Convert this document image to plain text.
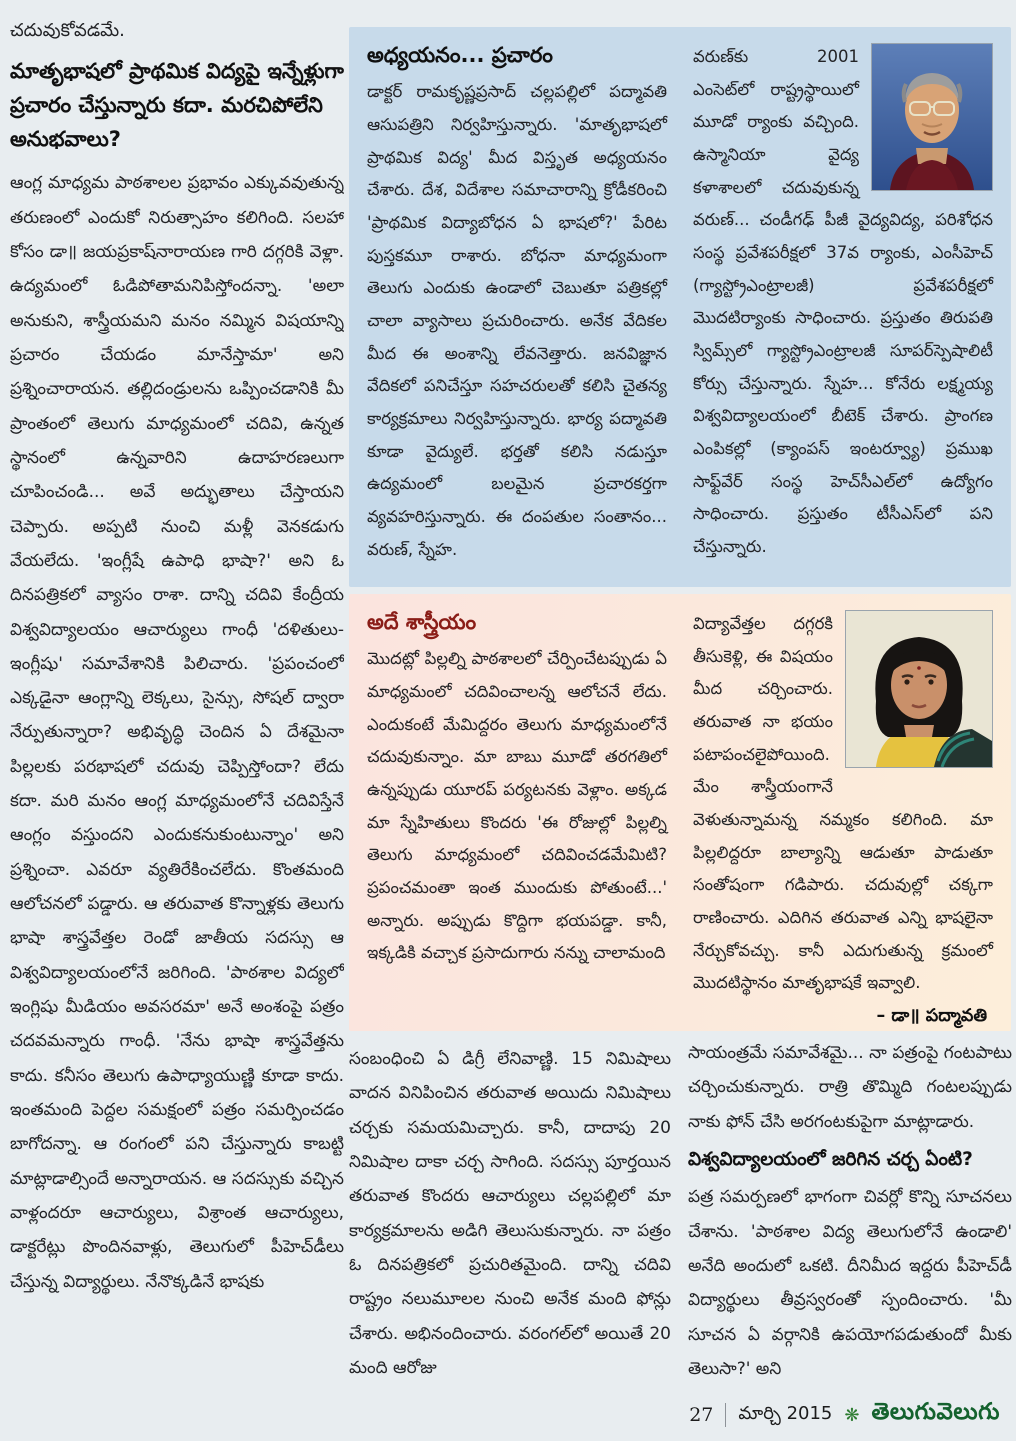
చదువుకోవడమే.

మాతృభాషలో ప్రాథమిక విద్యపై ఇన్నేళ్లుగా ప్రచారం చేస్తున్నారు కదా. మరచిపోలేని అనుభవాలు?

ఆంగ్ల మాధ్యమ పాఠశాలల ప్రభావం ఎక్కువవుతున్న తరుణంలో ఎందుకో నిరుత్సాహం కలిగింది. సలహా కోసం డా॥ జయప్రకాష్‌నారాయణ గారి దగ్గరికి వెళ్లా. ఉద్యమంలో ఓడిపోతామనిపిస్తోందన్నా. 'అలా అనుకుని, శాస్త్రీయమని మనం నమ్మిన విషయాన్ని ప్రచారం చేయడం మానేస్తామా' అని ప్రశ్నించారాయన. తల్లిదండ్రులను ఒప్పించడానికి మీ ప్రాంతంలో తెలుగు మాధ్యమంలో చదివి, ఉన్నత స్థానంలో ఉన్నవారిని ఉదాహరణలుగా చూపించండి... అవే అద్భుతాలు చేస్తాయని చెప్పారు. అప్పటి నుంచి మళ్లీ వెనకడుగు వేయలేదు. 'ఇంగ్లీషే ఉపాధి భాషా?' అని ఓ దినపత్రికలో వ్యాసం రాశా. దాన్ని చదివి కేంద్రీయ విశ్వవిద్యాలయం ఆచార్యులు గాంధీ 'దళితులు-ఇంగ్లీషు' సమావేశానికి పిలిచారు. 'ప్రపంచంలో ఎక్కడైనా ఆంగ్లాన్ని లెక్కలు, సైన్సు, సోషల్ ద్వారా నేర్పుతున్నారా? అభివృద్ధి చెందిన ఏ దేశమైనా పిల్లలకు పరభాషలో చదువు చెప్పిస్తోందా? లేదు కదా. మరి మనం ఆంగ్ల మాధ్యమంలోనే చదివిస్తేనే ఆంగ్లం వస్తుందని ఎందుకనుకుంటున్నాం' అని ప్రశ్నించా. ఎవరూ వ్యతిరేకించలేదు. కొంతమంది ఆలోచనలో పడ్డారు. ఆ తరువాత కొన్నాళ్లకు తెలుగు భాషా శాస్త్రవేత్తల రెండో జాతీయ సదస్సు ఆ విశ్వవిద్యాలయంలోనే జరిగింది. 'పాఠశాల విద్యలో ఇంగ్లిషు మీడియం అవసరమా' అనే అంశంపై పత్రం చదవమన్నారు గాంధీ. 'నేను భాషా శాస్త్రవేత్తను కాదు. కనీసం తెలుగు ఉపాధ్యాయుణ్ణి కూడా కాదు. ఇంతమంది పెద్దల సమక్షంలో పత్రం సమర్పించడం బాగోదన్నా. ఆ రంగంలో పని చేస్తున్నారు కాబట్టి మాట్లాడాల్సిందే అన్నారాయన. ఆ సదస్సుకు వచ్చిన వాళ్లందరూ ఆచార్యులు, విశ్రాంత ఆచార్యులు, డాక్టరేట్లు పొందినవాళ్లు, తెలుగులో పీహెచ్‌డీలు చేస్తున్న విద్యార్థులు. నేనొక్కడినే భాషకు

అధ్యయనం... ప్రచారం

డాక్టర్ రామకృష్ణప్రసాద్ చల్లపల్లిలో పద్మావతి ఆసుపత్రిని నిర్వహిస్తున్నారు. 'మాతృభాషలో ప్రాథమిక విద్య' మీద విస్తృత అధ్యయనం చేశారు. దేశ, విదేశాల సమాచారాన్ని క్రోడీకరించి 'ప్రాథమిక విద్యాబోధన ఏ భాషలో?' పేరిట పుస్తకమూ రాశారు. బోధనా మాధ్యమంగా తెలుగు ఎందుకు ఉండాలో చెబుతూ పత్రికల్లో చాలా వ్యాసాలు ప్రచురించారు. అనేక వేదికల మీద ఈ అంశాన్ని లేవనెత్తారు. జనవిజ్ఞాన వేదికలో పనిచేస్తూ సహచరులతో కలిసి చైతన్య కార్యక్రమాలు నిర్వహిస్తున్నారు. భార్య పద్మావతి కూడా వైద్యులే. భర్తతో కలిసి నడుస్తూ ఉద్యమంలో బలమైన ప్రచారకర్తగా వ్యవహరిస్తున్నారు. ఈ దంపతుల సంతానం... వరుణ్, స్నేహ.

వరుణ్‌కు 2001 ఎంసెట్‌లో రాష్ట్రస్థాయిలో మూడో ర్యాంకు వచ్చింది. ఉస్మానియా వైద్య కళాశాలలో చదువుకున్న వరుణ్... చండీగఢ్ పీజీ వైద్యవిద్య, పరిశోధన సంస్థ ప్రవేశపరీక్షలో 37వ ర్యాంకు, ఎంసీహెచ్ (గ్యాస్ట్రోఎంట్రాలజీ) ప్రవేశపరీక్షలో మొదటిర్యాంకు సాధించారు. ప్రస్తుతం తిరుపతి స్విమ్స్‌లో గ్యాస్ట్రోఎంట్రాలజీ సూపర్‌స్పెషాలిటీ కోర్సు చేస్తున్నారు. స్నేహ... కోనేరు లక్ష్మయ్య విశ్వవిద్యాలయంలో బీటెక్ చేశారు. ప్రాంగణ ఎంపికల్లో (క్యాంపస్ ఇంటర్వ్యూ) ప్రముఖ సాఫ్ట్‌వేర్ సంస్థ హెచ్‌సీఎల్‌లో ఉద్యోగం సాధించారు. ప్రస్తుతం టీసీఎస్‌లో పని చేస్తున్నారు.

అదే శాస్త్రీయం

మొదట్లో పిల్లల్ని పాఠశాలలో చేర్పించేటప్పుడు ఏ మాధ్యమంలో చదివించాలన్న ఆలోచనే లేదు. ఎందుకంటే మేమిద్దరం తెలుగు మాధ్యమంలోనే చదువుకున్నాం. మా బాబు మూడో తరగతిలో ఉన్నప్పుడు యూరప్ పర్యటనకు వెళ్లాం. అక్కడ మా స్నేహితులు కొందరు 'ఈ రోజుల్లో పిల్లల్ని తెలుగు మాధ్యమంలో చదివించడమేమిటి? ప్రపంచమంతా ఇంత ముందుకు పోతుంటే...' అన్నారు. అప్పుడు కొద్దిగా భయపడ్డా. కానీ, ఇక్కడికి వచ్చాక ప్రసాదుగారు నన్ను చాలామంది

విద్యావేత్తల దగ్గరకి తీసుకెళ్లి, ఈ విషయం మీద చర్చించారు. తరువాత నా భయం పటాపంచలైపోయింది. మేం శాస్త్రీయంగానే వెళుతున్నామన్న నమ్మకం కలిగింది. మా పిల్లలిద్దరూ బాల్యాన్ని ఆడుతూ పాడుతూ సంతోషంగా గడిపారు. చదువుల్లో చక్కగా రాణించారు. ఎదిగిన తరువాత ఎన్ని భాషలైనా నేర్చుకోవచ్చు. కానీ ఎదుగుతున్న క్రమంలో మొదటిస్థానం మాతృభాషకే ఇవ్వాలి.

– డా॥ పద్మావతి

సంబంధించి ఏ డిగ్రీ లేనివాణ్ణి. 15 నిమిషాలు వాదన వినిపించిన తరువాత అయిదు నిమిషాలు చర్చకు సమయమిచ్చారు. కానీ, దాదాపు 20 నిమిషాల దాకా చర్చ సాగింది. సదస్సు పూర్తయిన తరువాత కొందరు ఆచార్యులు చల్లపల్లిలో మా కార్యక్రమాలను అడిగి తెలుసుకున్నారు. నా పత్రం ఓ దినపత్రికలో ప్రచురితమైంది. దాన్ని చదివి రాష్ట్రం నలుమూలల నుంచి అనేక మంది ఫోన్లు చేశారు. అభినందించారు. వరంగల్‌లో అయితే 20 మంది ఆరోజు

సాయంత్రమే సమావేశమై... నా పత్రంపై గంటపాటు చర్చించుకున్నారు. రాత్రి తొమ్మిది గంటలప్పుడు నాకు ఫోన్ చేసి అరగంటకుపైగా మాట్లాడారు.

విశ్వవిద్యాలయంలో జరిగిన చర్చ ఏంటి?

పత్ర సమర్పణలో భాగంగా చివర్లో కొన్ని సూచనలు చేశాను. 'పాఠశాల విద్య తెలుగులోనే ఉండాలి' అనేది అందులో ఒకటి. దీనిమీద ఇద్దరు పీహెచ్‌డీ విద్యార్థులు తీవ్రస్వరంతో స్పందించారు. 'మీ సూచన ఏ వర్గానికి ఉపయోగపడుతుందో మీకు తెలుసా?' అని

27 మార్చి 2015 ❋ తెలుగువెలుగు
